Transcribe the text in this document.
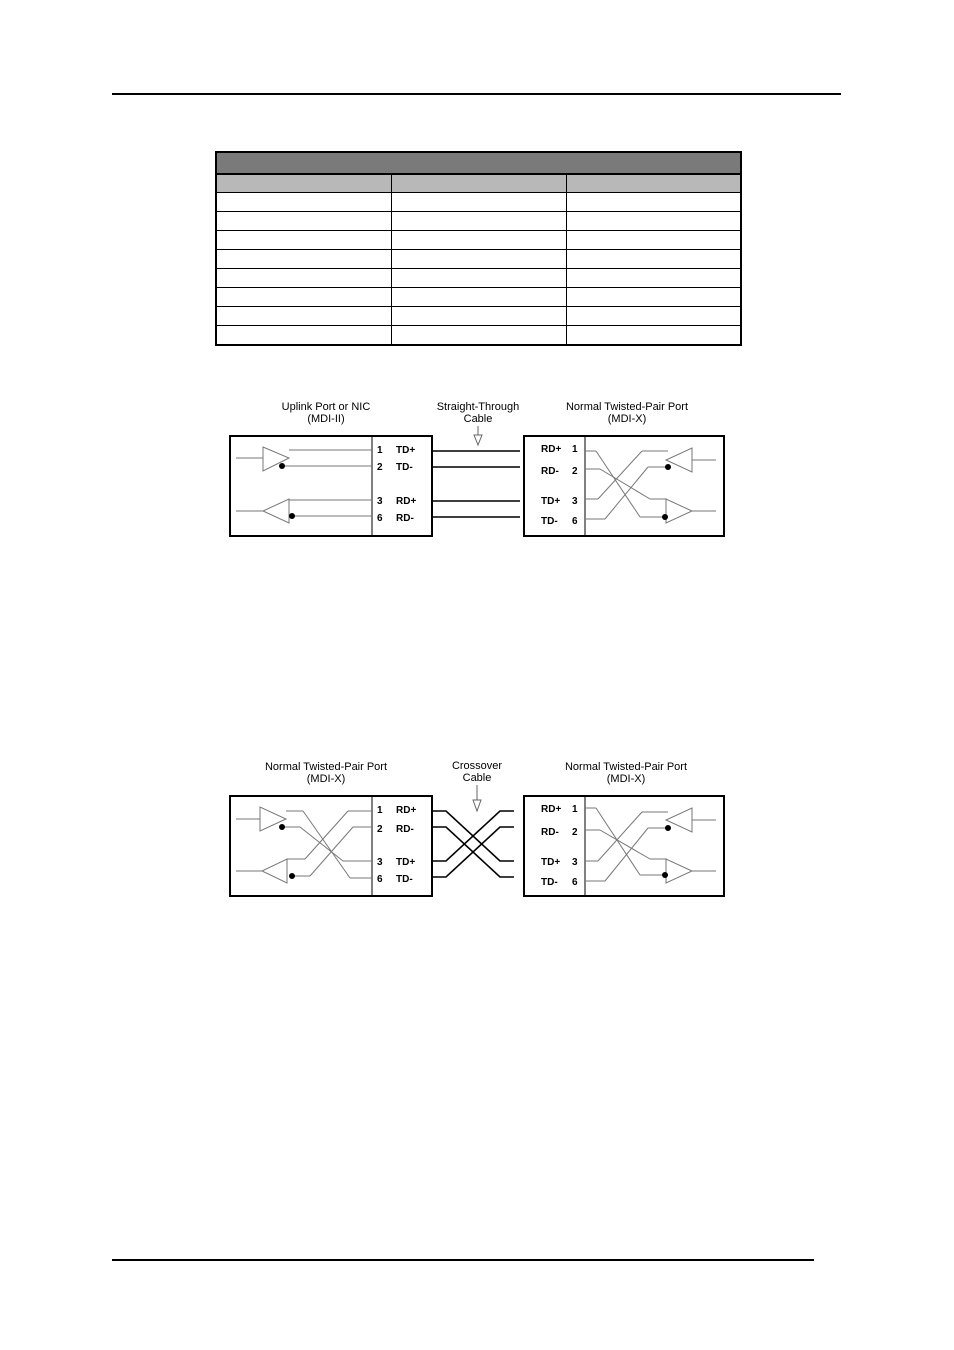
Uplink Port or NIC
(MDI-II)
Straight-Through
Cable
Normal Twisted-Pair Port
(MDI-X)
1 TD+
2 TD-
3 RD+
6 RD-
RD+ 1
RD- 2
TD+ 3
TD- 6
Normal Twisted-Pair Port
(MDI-X)
Crossover
Cable
Normal Twisted-Pair Port
(MDI-X)
1 RD+
2 RD-
3 TD+
6 TD-
RD+ 1
RD- 2
TD+ 3
TD- 6
